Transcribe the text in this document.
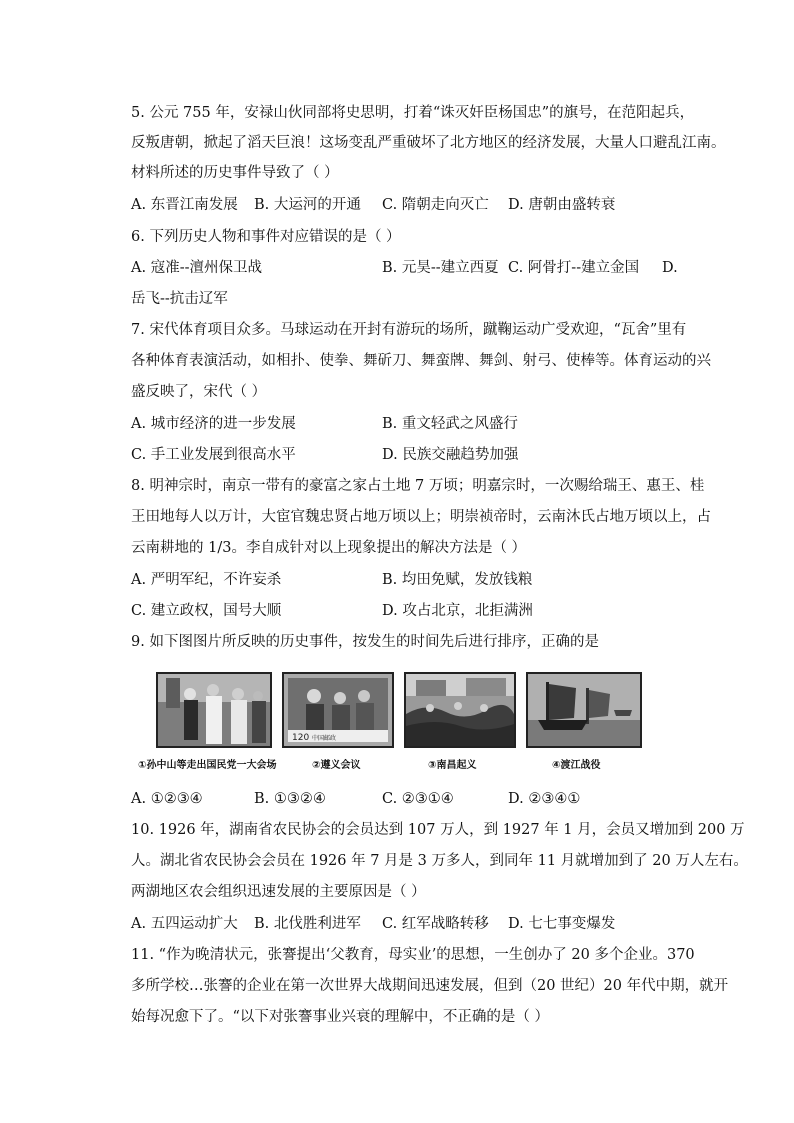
5. 公元 755 年，安禄山伙同部将史思明，打着“诛灭奸臣杨国忠”的旗号，在范阳起兵，
反叛唐朝，掀起了滔天巨浪！这场变乱严重破坏了北方地区的经济发展，大量人口避乱江南。
材料所述的历史事件导致了（ ）
A. 东晋江南发展 B. 大运河的开通 C. 隋朝走向灭亡 D. 唐朝由盛转衰
6. 下列历史人物和事件对应错误的是（ ）
A. 寇准--澶州保卫战	B. 元昊--建立西夏 C. 阿骨打--建立金国 D.
岳飞--抗击辽军
7. 宋代体育项目众多。马球运动在开封有游玩的场所，蹴鞠运动广受欢迎，“瓦舍”里有
各种体育表演活动，如相扑、使拳、舞斫刀、舞蛮牌、舞剑、射弓、使棒等。体育运动的兴
盛反映了，宋代（ ）
A. 城市经济的进一步发展	B. 重文轻武之风盛行
C. 手工业发展到很高水平	D. 民族交融趋势加强
8. 明神宗时，南京一带有的豪富之家占土地 7 万顷；明嘉宗时，一次赐给瑞王、惠王、桂
王田地每人以万计，大宦官魏忠贤占地万顷以上；明崇祯帝时，云南沐氏占地万顷以上，占
云南耕地的 1/3。李自成针对以上现象提出的解决方法是（ ）
A. 严明军纪，不许妄杀	B. 均田免赋，发放钱粮
C. 建立政权，国号大顺	D. 攻占北京，北拒满洲
9. 如下图图片所反映的历史事件，按发生的时间先后进行排序，正确的是
120 中国邮政
①孙中山等走出国民党一大会场	②遵义会议	③南昌起义	④渡江战役
A. ①②③④	B. ①③②④	C. ②③①④	D. ②③④①
10. 1926 年，湖南省农民协会的会员达到 107 万人，到 1927 年 1 月，会员又增加到 200 万
人。湖北省农民协会会员在 1926 年 7 月是 3 万多人，到同年 11 月就增加到了 20 万人左右。
两湖地区农会组织迅速发展的主要原因是（ ）
A. 五四运动扩大 B. 北伐胜利进军 C. 红军战略转移 D. 七七事变爆发
11. “作为晚清状元，张謇提出‘父教育，母实业’的思想，一生创办了 20 多个企业。370
多所学校…张謇的企业在第一次世界大战期间迅速发展，但到（20 世纪）20 年代中期，就开
始每况愈下了。“以下对张謇事业兴衰的理解中，不正确的是（ ）
